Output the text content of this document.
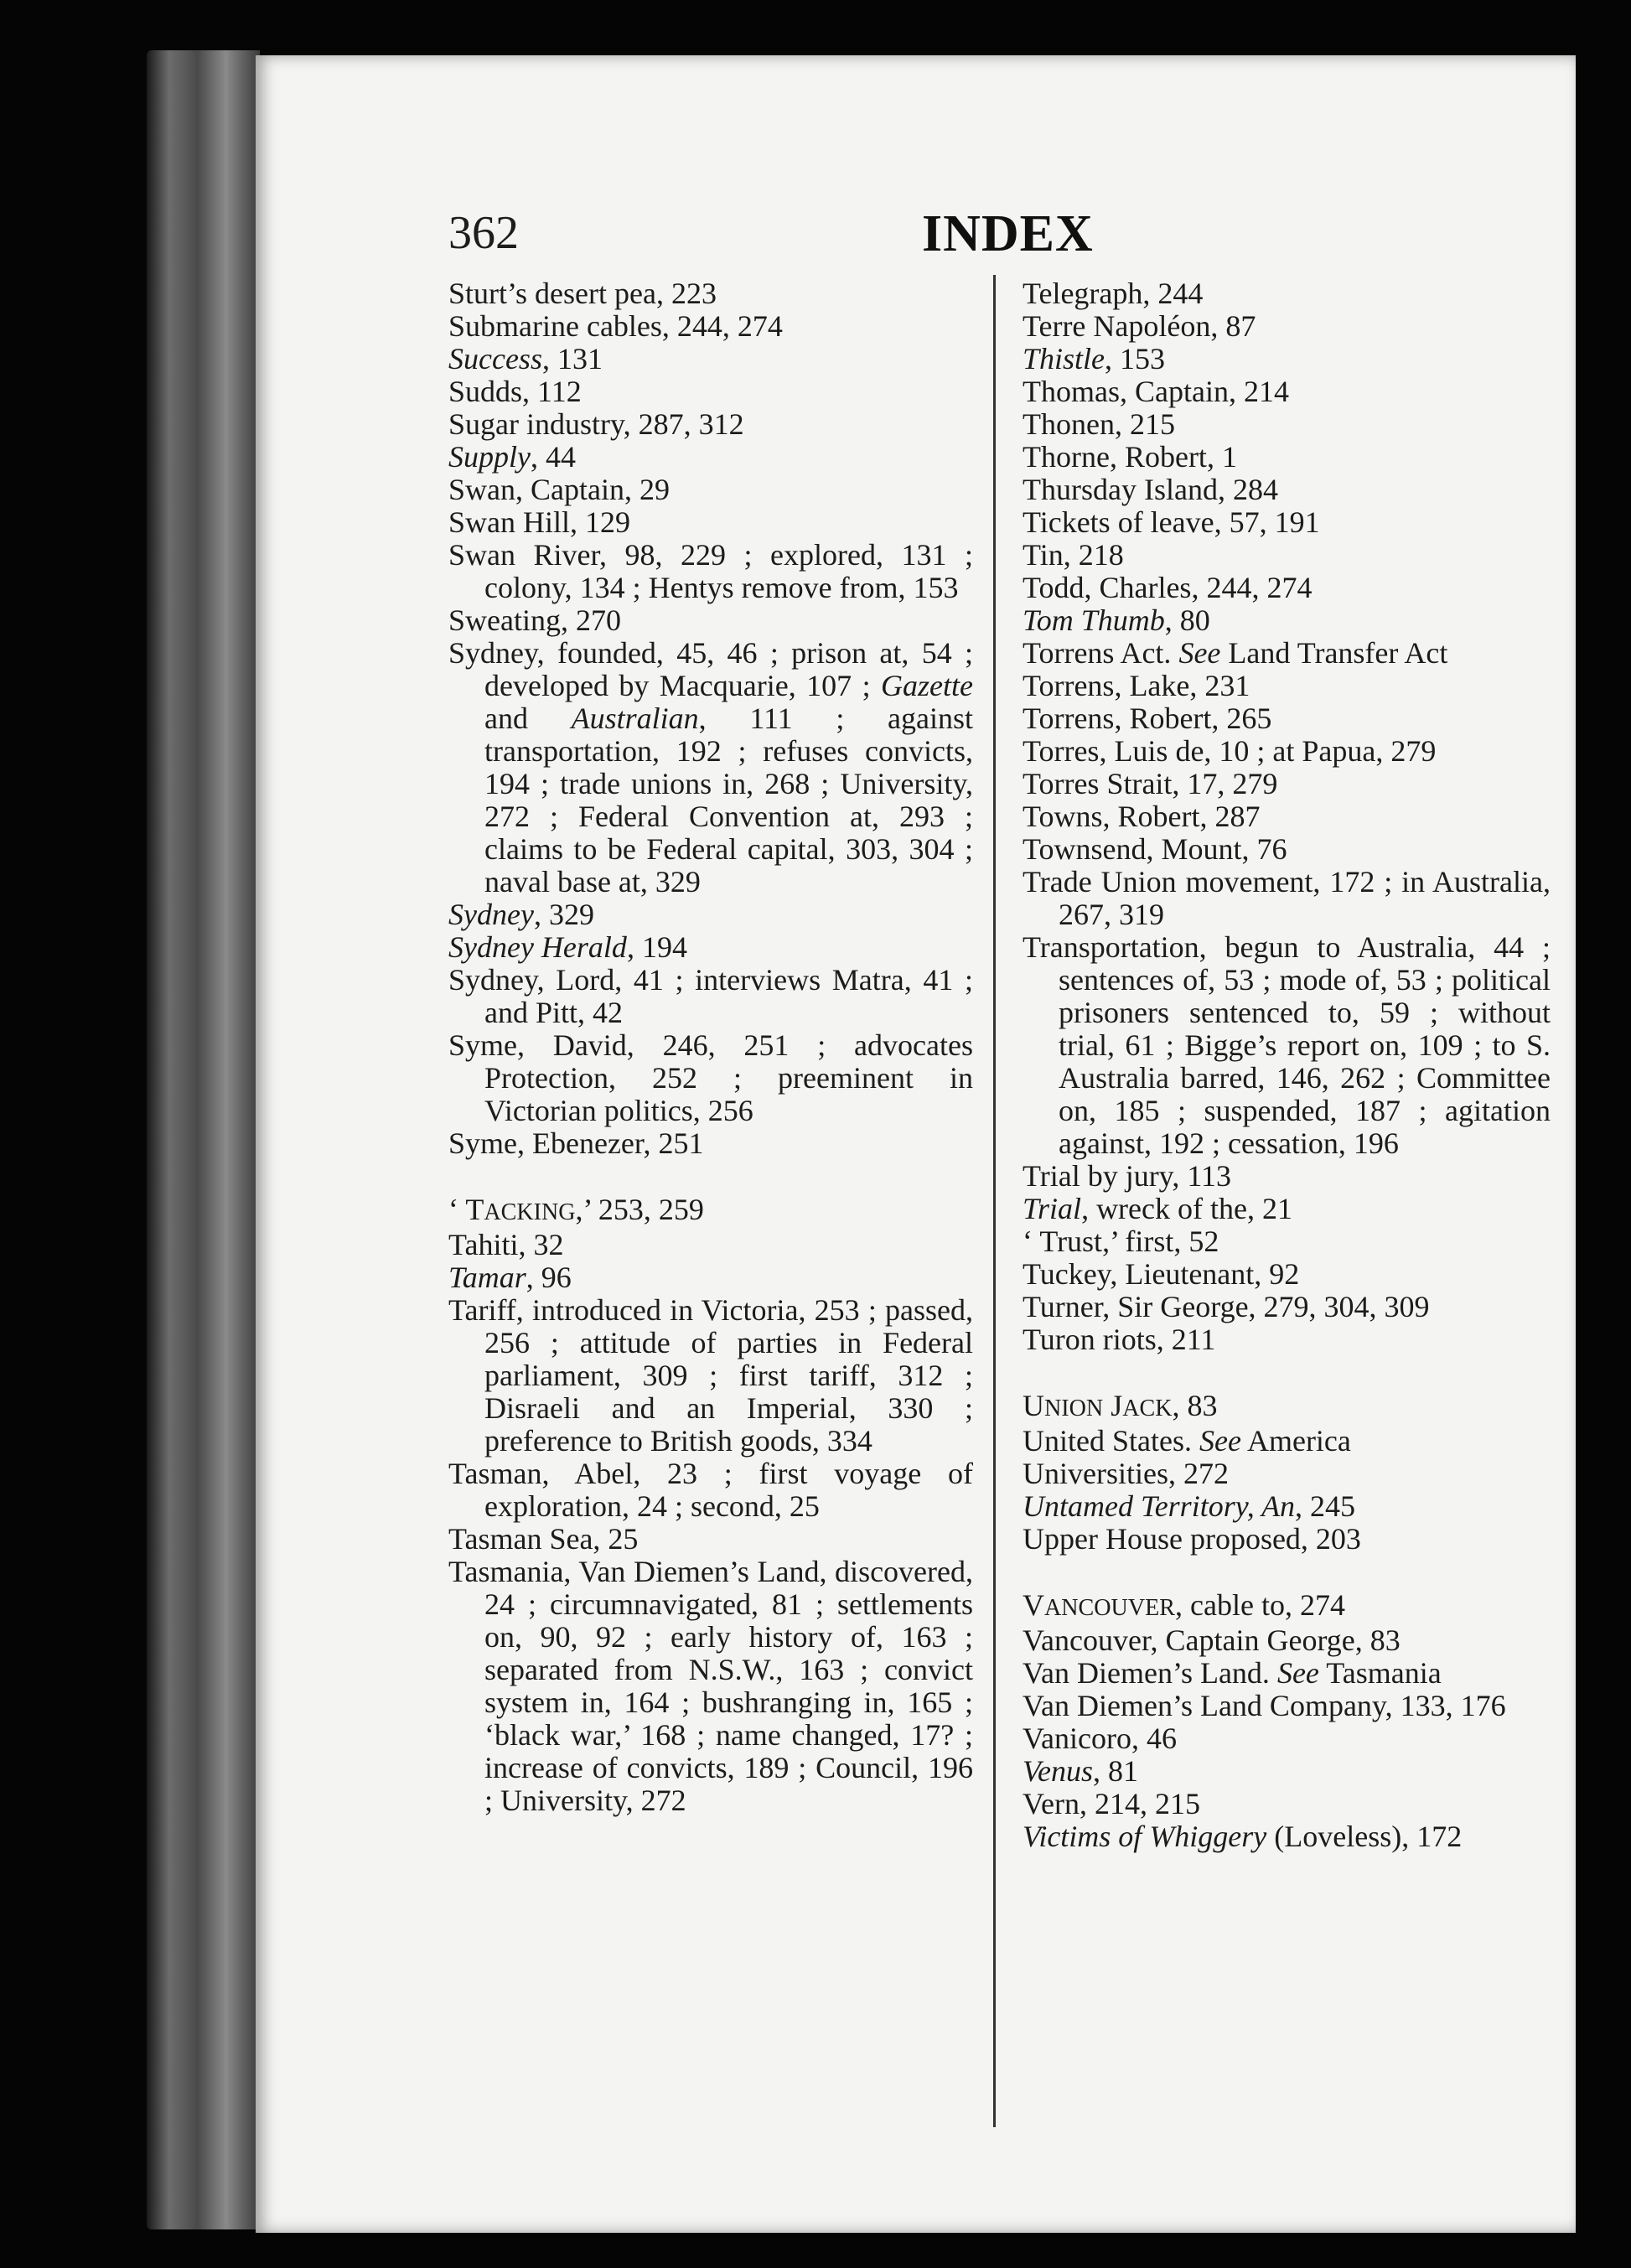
362	INDEX
Sturt’s desert pea, 223
Submarine cables, 244, 274
Success, 131
Sudds, 112
Sugar industry, 287, 312
Supply, 44
Swan, Captain, 29
Swan Hill, 129
Swan River, 98, 229 ; explored, 131 ; colony, 134 ; Hentys remove from, 153
Sweating, 270
Sydney, founded, 45, 46 ; prison at, 54 ; developed by Macquarie, 107 ; Gazette and Australian, 111 ; against transportation, 192 ; refuses convicts, 194 ; trade unions in, 268 ; University, 272 ; Federal Convention at, 293 ; claims to be Federal capital, 303, 304 ; naval base at, 329
Sydney, 329
Sydney Herald, 194
Sydney, Lord, 41 ; interviews Matra, 41 ; and Pitt, 42
Syme, David, 246, 251 ; advocates Protection, 252 ; preeminent in Victorian politics, 256
Syme, Ebenezer, 251
‘ TACKING,’ 253, 259
Tahiti, 32
Tamar, 96
Tariff, introduced in Victoria, 253 ; passed, 256 ; attitude of parties in Federal parliament, 309 ; first tariff, 312 ; Disraeli and an Imperial, 330 ; preference to British goods, 334
Tasman, Abel, 23 ; first voyage of exploration, 24 ; second, 25
Tasman Sea, 25
Tasmania, Van Diemen’s Land, discovered, 24 ; circumnavigated, 81 ; settlements on, 90, 92 ; early history of, 163 ; separated from N.S.W., 163 ; convict system in, 164 ; bushranging in, 165 ; ‘black war,’ 168 ; name changed, 17? ; increase of convicts, 189 ; Council, 196 ; University, 272
Telegraph, 244
Terre Napoléon, 87
Thistle, 153
Thomas, Captain, 214
Thonen, 215
Thorne, Robert, 1
Thursday Island, 284
Tickets of leave, 57, 191
Tin, 218
Todd, Charles, 244, 274
Tom Thumb, 80
Torrens Act. See Land Transfer Act
Torrens, Lake, 231
Torrens, Robert, 265
Torres, Luis de, 10 ; at Papua, 279
Torres Strait, 17, 279
Towns, Robert, 287
Townsend, Mount, 76
Trade Union movement, 172 ; in Australia, 267, 319
Transportation, begun to Australia, 44 ; sentences of, 53 ; mode of, 53 ; political prisoners sentenced to, 59 ; without trial, 61 ; Bigge’s report on, 109 ; to S. Australia barred, 146, 262 ; Committee on, 185 ; suspended, 187 ; agitation against, 192 ; cessation, 196
Trial by jury, 113
Trial, wreck of the, 21
‘ Trust,’ first, 52
Tuckey, Lieutenant, 92
Turner, Sir George, 279, 304, 309
Turon riots, 211
UNION JACK, 83
United States. See America
Universities, 272
Untamed Territory, An, 245
Upper House proposed, 203
VANCOUVER, cable to, 274
Vancouver, Captain George, 83
Van Diemen’s Land. See Tasmania
Van Diemen’s Land Company, 133, 176
Vanicoro, 46
Venus, 81
Vern, 214, 215
Victims of Whiggery (Loveless), 172
